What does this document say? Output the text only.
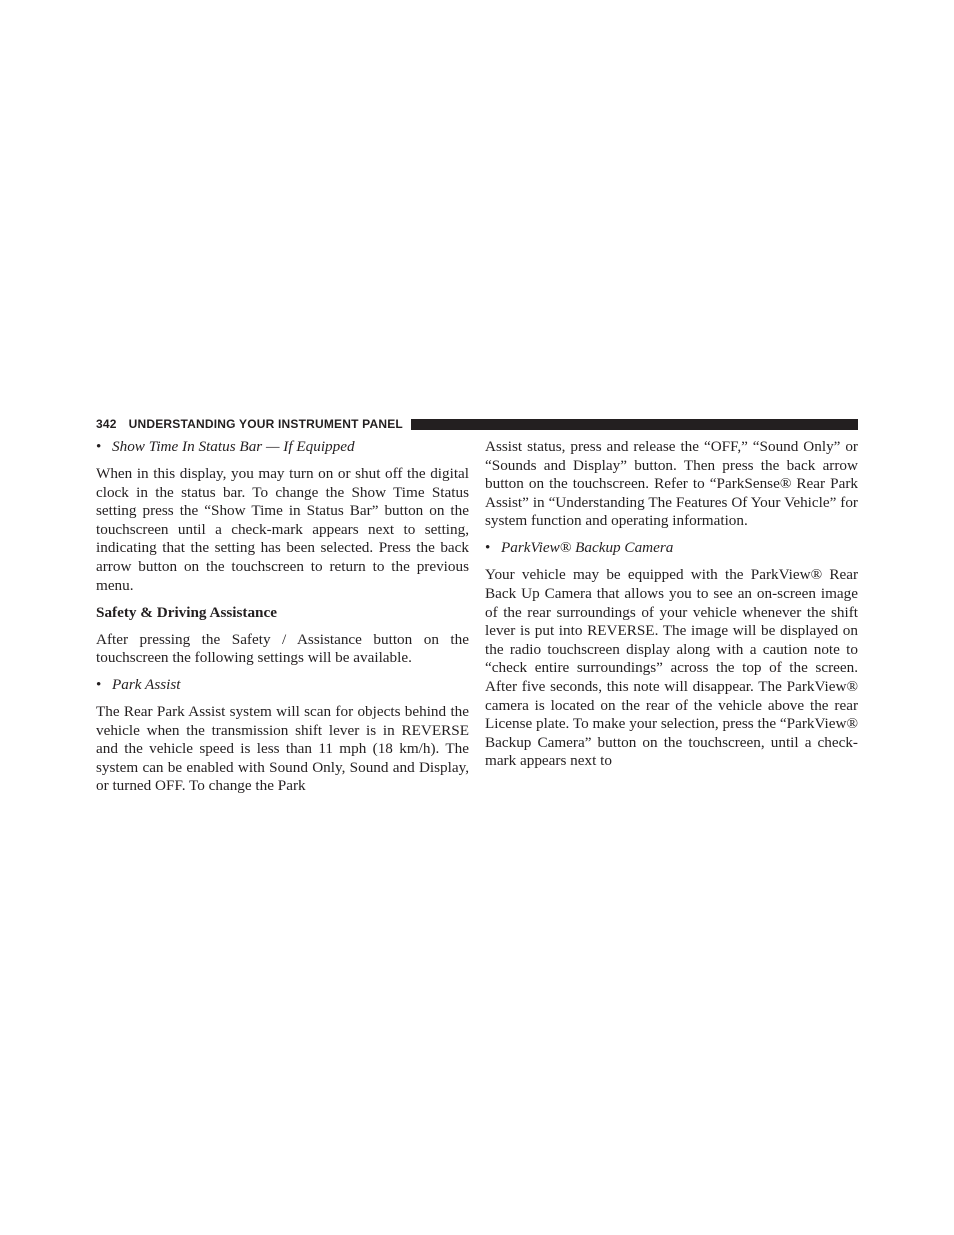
342 UNDERSTANDING YOUR INSTRUMENT PANEL

• Show Time In Status Bar — If Equipped

When in this display, you may turn on or shut off the digital clock in the status bar. To change the Show Time Status setting press the “Show Time in Status Bar” button on the touchscreen until a check-mark appears next to setting, indicating that the setting has been selected. Press the back arrow button on the touchscreen to return to the previous menu.

Safety & Driving Assistance

After pressing the Safety / Assistance button on the touchscreen the following settings will be available.

• Park Assist

The Rear Park Assist system will scan for objects behind the vehicle when the transmission shift lever is in REVERSE and the vehicle speed is less than 11 mph (18 km/h). The system can be enabled with Sound Only, Sound and Display, or turned OFF. To change the Park

Assist status, press and release the “OFF,” “Sound Only” or “Sounds and Display” button. Then press the back arrow button on the touchscreen. Refer to “ParkSense® Rear Park Assist” in “Understanding The Features Of Your Vehicle” for system function and operating information.

• ParkView® Backup Camera

Your vehicle may be equipped with the ParkView® Rear Back Up Camera that allows you to see an on-screen image of the rear surroundings of your vehicle whenever the shift lever is put into REVERSE. The image will be displayed on the radio touchscreen display along with a caution note to “check entire surroundings” across the top of the screen. After five seconds, this note will disappear. The ParkView® camera is located on the rear of the vehicle above the rear License plate. To make your selection, press the “ParkView® Backup Camera” button on the touchscreen, until a check-mark appears next to
